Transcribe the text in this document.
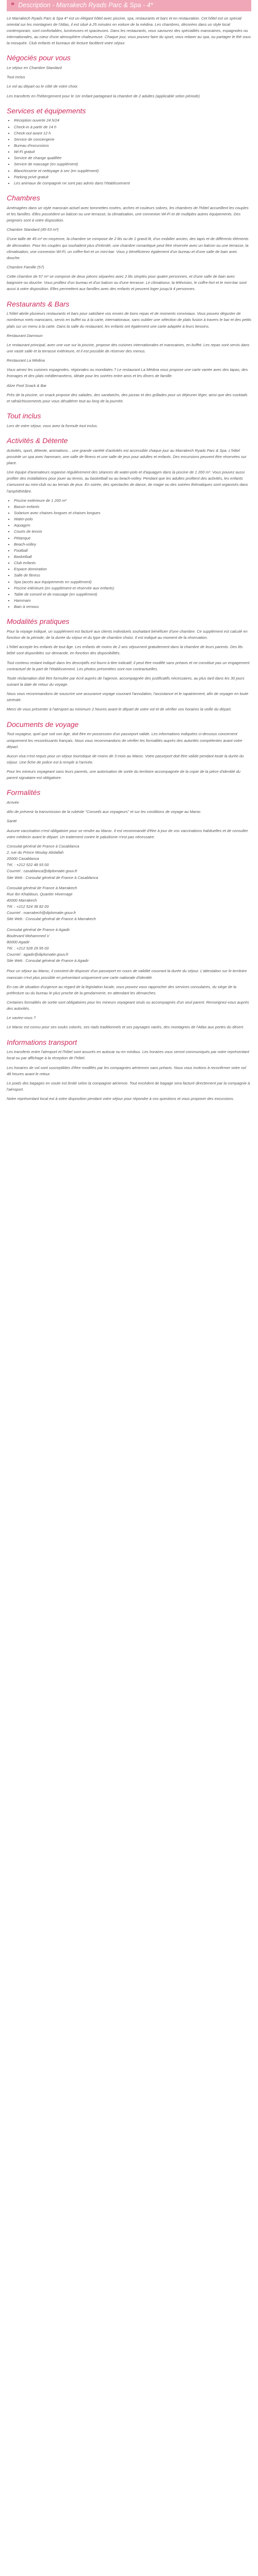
❝ Description - Marrakech Ryads Parc & Spa - 4*

Le Marrakech Ryads Parc & Spa 4* est un élégant hôtel avec piscine, spa, restaurants et bars et en restauration. Cet hôtel est un spécial oriental sur les montagnes de l'Atlas, il est situé à 25 minutes en voiture de la médina. Les chambres, décorées dans un style local contemporain, sont confortables, lumineuses et spacieuses. Dans les restaurants, vous savourez des spécialités marocaines, espagnoles ou internationales, au cœur d'une atmosphère chaleureuse. Chaque jour, vous pouvez faire du sport, vous relaxer au spa, ou partager le thé sous la mosquée. Club enfants et bureaux de lecture facilitent votre séjour.

Négociés pour vous

Le séjour en Chambre Standard

Tout inclus

Le vol au départ ou le côté de votre choix

Les transferts en l'hébergement pour le 1er enfant partageant la chambre de 2 adultes (applicable selon période)

Services et équipements
▪ Réception ouverte 24 h/24
▪ Check-in à partir de 14 h
▪ Check-out avant 12 h
▪ Service de conciergerie
▪ Bureau d'excursions
▪ Wi-Fi gratuit
▪ Service de change qualifiée
▪ Service de massage (en supplément)
▪ Blanchisserie et nettoyage à sec (en supplément)
▪ Parking privé gratuit
▪ Les animaux de compagnie ne sont pas admis dans l'établissement
Chambres

Aménagées dans un style marocain actuel avec tommettes rosées, arches et couleurs sobres, les chambres de l'hôtel accueillent les couples et les familles. Elles possèdent un balcon ou une terrasse, la climatisation, une connexion Wi-Fi et de multiples autres équipements. Des peignoirs sont à votre disposition.

Chambre Standard (45-53 m²)

D'une taille de 45 m² en moyenne, la chambre se compose de 2 lits ou de 1 grand lit, d'un mobilier ancien, des tapis et de différents éléments de décoration. Pour les couples qui souhaitent plus d'intimité, une chambre romantique peut être réservée avec un balcon ou une terrasse, la climatisation, une connexion Wi-Fi, un coffre-fort et un mini-bar. Vous y bénéficierez également d'un bureau et d'une salle de bain avec douche.

Chambre Famille (57)

Cette chambre de 57 m² se compose de deux pièces séparées avec 2 lits simples pour quatre personnes, et d'une salle de bain avec baignoire ou douche. Vous profitez d'un bureau et d'un balcon ou d'une terrasse. Le climatiseur, la télévision, le coffre-fort et le mini-bar sont aussi à votre disposition. Elles permettent aux familles avec des enfants et peuvent loger jusqu'à 4 personnes.

Restaurants & Bars

L'hôtel abrite plusieurs restaurants et bars pour satisfaire vos envies de bons repas et de moments conviviaux. Vous pouvez déguster de nombreux mets marocains, servis en buffet ou à la carte, internationaux, sans oublier une sélection de plats fusion à travers le bar et des petits plats sur un menu à la carte. Dans la salle du restaurant, les enfants ont également une carte adaptée à leurs besoins.

Restaurant Darmoun

Le restaurant principal, avec une vue sur la piscine, propose des cuisines internationales et marocaines, en buffet. Les repas sont servis dans une vaste salle et la terrasse extérieure, et il est possible de réserver des menus.

Restaurant La Médina

Vous aimez les cuisines espagnoles, régionales ou mondiales ? Le restaurant La Médina vous propose une carte variée avec des tapas, des fromages et des plats méditerranéens, idéale pour les soirées entre amis et les dîners de famille.

Alize Pool Snack & Bar

Près de la piscine, un snack propose des salades, des sandwichs, des pizzas et des grillades pour un déjeuner léger, ainsi que des cocktails et rafraîchissements pour vous désaltérer tout au long de la journée.

Tout inclus

Lors de votre séjour, vous avez la formule tout inclus.

Activités & Détente

Activités, sport, détente, animations... une grande variété d'activités est accessible chaque jour au Marrakech Ryads Parc & Spa. L'hôtel possède un spa avec hammam, une salle de fitness et une salle de jeux pour adultes et enfants. Des excursions peuvent être réservées sur place.

Une équipe d'animateurs organise régulièrement des séances de water-polo et d'aquagym dans la piscine de 1 200 m². Vous pouvez aussi profiter des installations pour jouer au tennis, au basketball ou au beach-volley. Pendant que les adultes profitent des activités, les enfants s'amusent au mini-club ou au terrain de jeux. En soirée, des spectacles de danse, de magie ou des soirées thématiques sont organisés dans l'amphithéâtre.

▪ Piscine extérieure de 1 200 m²
▪ Bassin enfants
▪ Solarium avec chaises longues et chaises longues
▪ Water-polo
▪ Aquagym
▪ Courts de tennis
▪ Pétanque
▪ Beach-volley
▪ Football
▪ Basketball
▪ Club enfants
▪ Espace domination
▪ Salle de fitness
▪ Spa (accès aux équipements en supplément)
▪ Piscine intérieure (en supplément et réservée aux enfants)
▪ Table de conseil et de massage (en supplément)
▪ Hammam
▪ Bain à remous
Modalités pratiques

Pour la voyage indiqué, un supplément est facturé aux clients individuels souhaitant bénéficier d'une chambre. Ce supplément est calculé en fonction de la période, de la durée du séjour et du type de chambre choisi. Il est indiqué au moment de la réservation.

L'hôtel accepte les enfants de tout âge. Les enfants de moins de 2 ans séjournent gratuitement dans la chambre de leurs parents. Des lits bébé sont disponibles sur demande, en fonction des disponibilités.

Tout contenu restant indiqué dans les descriptifs est fourni à titre indicatif, il peut être modifié sans préavis et ne constitue pas un engagement contractuel de la part de l'établissement. Les photos présentées sont non contractuelles.

Toute réclamation doit être formulée par écrit auprès de l'agence, accompagnée des justificatifs nécessaires, au plus tard dans les 30 jours suivant la date de retour du voyage.

Nous vous recommandons de souscrire une assurance voyage couvrant l'annulation, l'assistance et le rapatriement, afin de voyager en toute sérénité.

Merci de vous présenter à l'aéroport au minimum 2 heures avant le départ de votre vol et de vérifier vos horaires la veille du départ.

Documents de voyage

Tout voyageur, quel que soit son âge, doit être en possession d'un passeport valide. Les informations indiquées ci-dessous concernent uniquement les ressortissants français. Nous vous recommandons de vérifier les formalités auprès des autorités compétentes avant votre départ.

Aucun visa n'est requis pour un séjour touristique de moins de 3 mois au Maroc. Votre passeport doit être valide pendant toute la durée du séjour. Une fiche de police est à remplir à l'arrivée.

Pour les mineurs voyageant sans leurs parents, une autorisation de sortie du territoire accompagnée de la copie de la pièce d'identité du parent signataire est obligatoire.

Formalités

Arrivée

Afin de prévenir la transmission de la rubéole "Conseils aux voyageurs" et sur les conditions de voyage au Maroc.

Santé

Aucune vaccination n'est obligatoire pour se rendre au Maroc. Il est recommandé d'être à jour de vos vaccinations habituelles et de consulter votre médecin avant le départ. Un traitement contre le paludisme n'est pas nécessaire.

Consulat général de France à Casablanca
2, rue du Prince Moulay Abdallah
20000 Casablanca
Tél. : +212 522 48 93 00
Courriel : casablanca@diplomatie.gouv.fr
Site Web : Consulat général de France à Casablanca
Consulat général de France à Marrakech
Rue Ibn Khaldoun, Quartier Hivernage
40000 Marrakech
Tél. : +212 524 38 82 00
Courriel : marrakech@diplomatie.gouv.fr
Site Web : Consulat général de France à Marrakech
Consulat général de France à Agadir
Boulevard Mohammed V
80000 Agadir
Tél. : +212 528 29 95 00
Courriel : agadir@diplomatie.gouv.fr
Site Web : Consulat général de France à Agadir

Pour un séjour au Maroc, il convient de disposer d'un passeport en cours de validité couvrant la durée du séjour. L'attestation sur le territoire marocain n'est plus possible en présentant uniquement une carte nationale d'identité.

En cas de situation d'urgence au regard de la législation locale, vous pouvez vous rapprocher des services consulaires, du siège de la préfecture ou du bureau le plus proche de la gendarmerie, en attendant les démarches.

Certaines formalités de sortie sont obligatoires pour les mineurs voyageant seuls ou accompagnés d'un seul parent. Renseignez-vous auprès des autorités.

Le saviez-vous ?

Le Maroc est connu pour ses souks colorés, ses riads traditionnels et ses paysages variés, des montagnes de l'Atlas aux portes du désert.

Informations transport

Les transferts entre l'aéroport et l'hôtel sont assurés en autocar ou en minibus. Les horaires vous seront communiqués par notre représentant local ou par affichage à la réception de l'hôtel.

Les horaires de vol sont susceptibles d'être modifiés par les compagnies aériennes sans préavis. Nous vous invitons à reconfirmer votre vol 48 heures avant le retour.

Le poids des bagages en soute est limité selon la compagnie aérienne. Tout excédent de bagage sera facturé directement par la compagnie à l'aéroport.

Notre représentant local est à votre disposition pendant votre séjour pour répondre à vos questions et vous proposer des excursions.
